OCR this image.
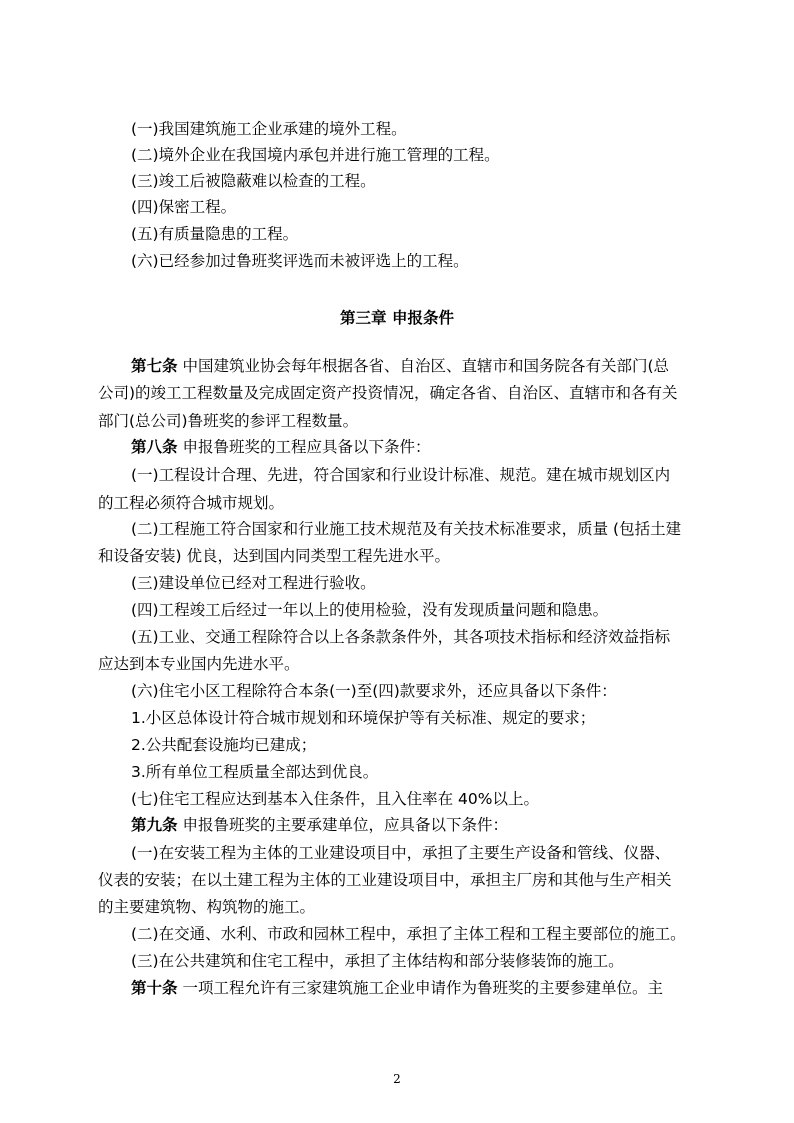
(一)我国建筑施工企业承建的境外工程。
(二)境外企业在我国境内承包并进行施工管理的工程。
(三)竣工后被隐蔽难以检查的工程。
(四)保密工程。
(五)有质量隐患的工程。
(六)已经参加过鲁班奖评选而未被评选上的工程。
第三章 申报条件
第七条 中国建筑业协会每年根据各省、自治区、直辖市和国务院各有关部门(总
公司)的竣工工程数量及完成固定资产投资情况，确定各省、自治区、直辖市和各有关
部门(总公司)鲁班奖的参评工程数量。
第八条 申报鲁班奖的工程应具备以下条件：
(一)工程设计合理、先进，符合国家和行业设计标准、规范。建在城市规划区内
的工程必须符合城市规划。
(二)工程施工符合国家和行业施工技术规范及有关技术标准要求，质量 (包括土建
和设备安装) 优良，达到国内同类型工程先进水平。
(三)建设单位已经对工程进行验收。
(四)工程竣工后经过一年以上的使用检验，没有发现质量问题和隐患。
(五)工业、交通工程除符合以上各条款条件外，其各项技术指标和经济效益指标
应达到本专业国内先进水平。
(六)住宅小区工程除符合本条(一)至(四)款要求外，还应具备以下条件：
1.小区总体设计符合城市规划和环境保护等有关标准、规定的要求；
2.公共配套设施均已建成；
3.所有单位工程质量全部达到优良。
(七)住宅工程应达到基本入住条件，且入住率在 40%以上。
第九条 申报鲁班奖的主要承建单位，应具备以下条件：
(一)在安装工程为主体的工业建设项目中，承担了主要生产设备和管线、仪器、
仪表的安装；在以土建工程为主体的工业建设项目中，承担主厂房和其他与生产相关
的主要建筑物、构筑物的施工。
(二)在交通、水利、市政和园林工程中，承担了主体工程和工程主要部位的施工。
(三)在公共建筑和住宅工程中，承担了主体结构和部分装修装饰的施工。
第十条 一项工程允许有三家建筑施工企业申请作为鲁班奖的主要参建单位。主
2
